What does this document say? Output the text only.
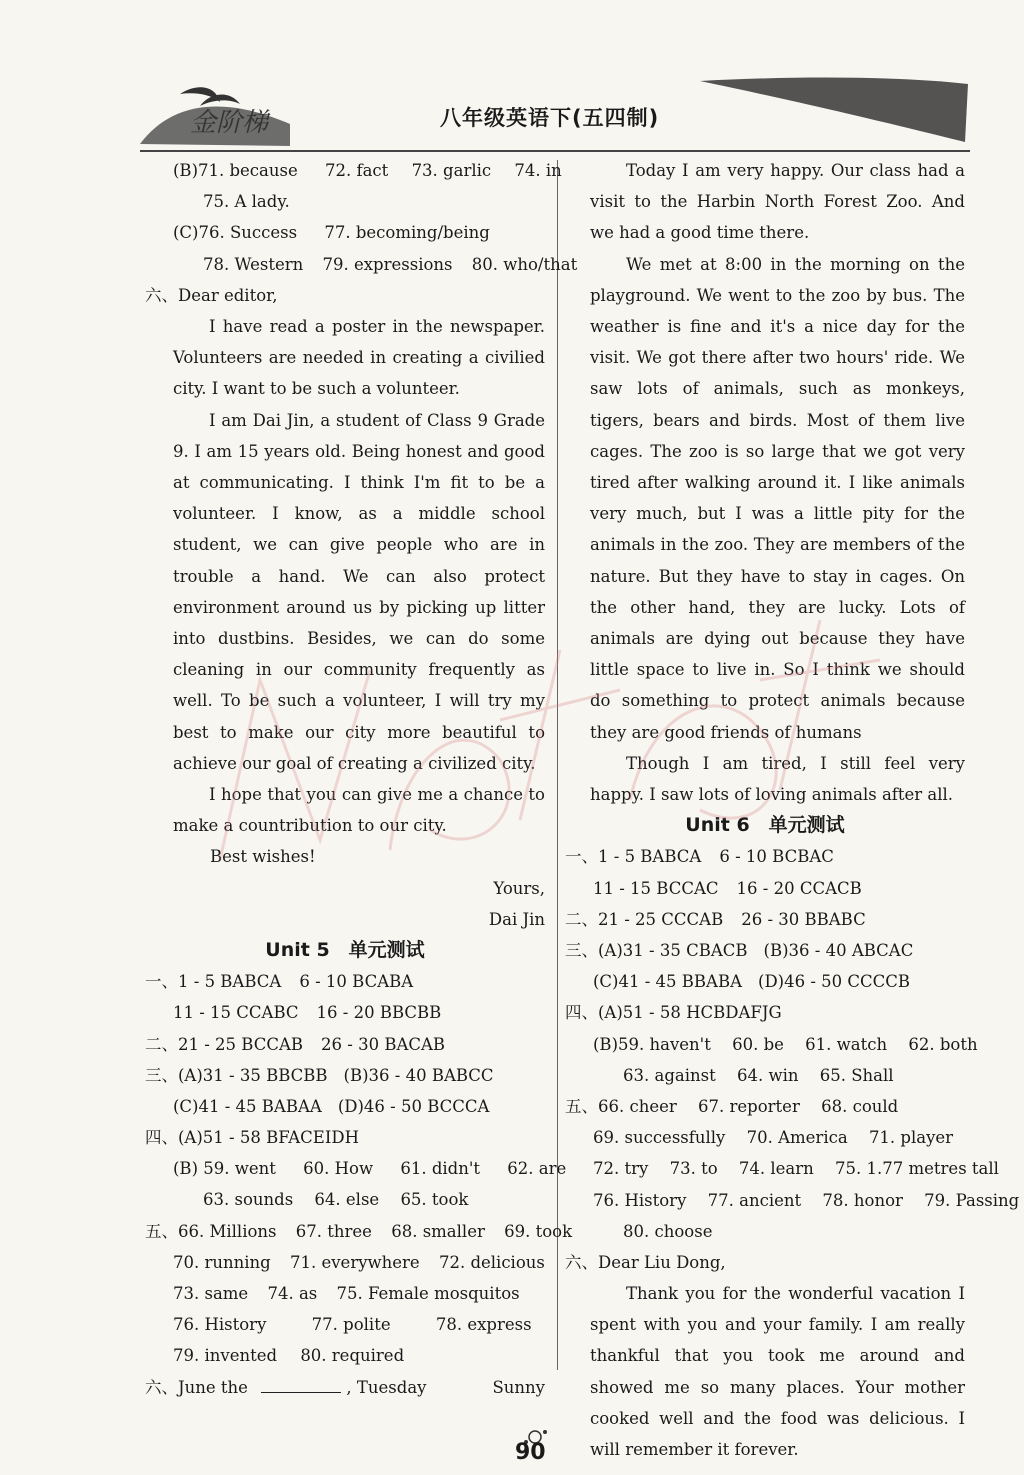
金阶梯	八年级英语下(五四制)
(B)71. because 72. fact 73. garlic 74. in
75. A lady.
(C)76. Success 77. becoming/being
78. Western 79. expressions 80. who/that
六、Dear editor,
I have read a poster in the newspaper. Volunteers are needed in creating a civilied city. I want to be such a volunteer.
I am Dai Jin, a student of Class 9 Grade 9. I am 15 years old. Being honest and good at communicating. I think I'm fit to be a volunteer. I know, as a middle school student, we can give people who are in trouble a hand. We can also protect environment around us by picking up litter into dustbins. Besides, we can do some cleaning in our community frequently as well. To be such a volunteer, I will try my best to make our city more beautiful to achieve our goal of creating a civilized city.
I hope that you can give me a chance to make a countribution to our city.
Best wishes!
Yours,
Dai Jin
Unit 5　单元测试
一、1 - 5 BABCA 6 - 10 BCABA
11 - 15 CCABC 16 - 20 BBCBB
二、21 - 25 BCCAB 26 - 30 BACAB
三、(A)31 - 35 BBCBB (B)36 - 40 BABCC
(C)41 - 45 BABAA (D)46 - 50 BCCCA
四、(A)51 - 58 BFACEIDH
(B) 59. went 60. How 61. didn't 62. are
63. sounds 64. else 65. took
五、66. Millions 67. three 68. smaller 69. took
70. running 71. everywhere 72. delicious
73. same 74. as 75. Female mosquitos
76. History	77. polite	78. express
79. invented 80. required
六、June the	, Tuesday	Sunny
Today I am very happy. Our class had a visit to the Harbin North Forest Zoo. And we had a good time there.
We met at 8:00 in the morning on the playground. We went to the zoo by bus. The weather is fine and it's a nice day for the visit. We got there after two hours' ride. We saw lots of animals, such as monkeys, tigers, bears and birds. Most of them live cages. The zoo is so large that we got very tired after walking around it. I like animals very much, but I was a little pity for the animals in the zoo. They are members of the nature. But they have to stay in cages. On the other hand, they are lucky. Lots of animals are dying out because they have little space to live in. So I think we should do something to protect animals because they are good friends of humans
Though I am tired, I still feel very happy. I saw lots of loving animals after all.
Unit 6　单元测试
一、1 - 5 BABCA 6 - 10 BCBAC
11 - 15 BCCAC 16 - 20 CCACB
二、21 - 25 CCCAB 26 - 30 BBABC
三、(A)31 - 35 CBACB (B)36 - 40 ABCAC
(C)41 - 45 BBABA (D)46 - 50 CCCCB
四、(A)51 - 58 HCBDAFJG
(B)59. haven't 60. be 61. watch 62. both
63. against 64. win 65. Shall
五、66. cheer 67. reporter 68. could
69. successfully 70. America 71. player
72. try 73. to 74. learn 75. 1.77 metres tall
76. History 77. ancient 78. honor 79. Passing
80. choose
六、Dear Liu Dong,
Thank you for the wonderful vacation I spent with you and your family. I am really thankful that you took me around and showed me so many places. Your mother cooked well and the food was delicious. I will remember it forever.
90
